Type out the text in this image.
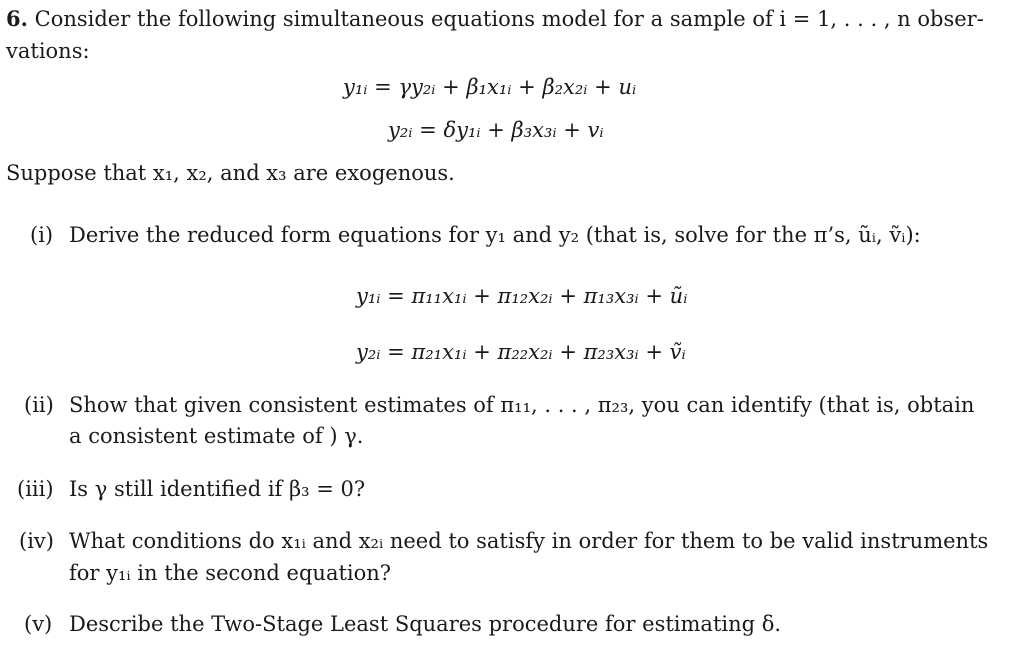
6. Consider the following simultaneous equations model for a sample of i = 1, . . . , n obser-
vations:
y₁ᵢ = γy₂ᵢ + β₁x₁ᵢ + β₂x₂ᵢ + uᵢ
y₂ᵢ = δy₁ᵢ + β₃x₃ᵢ + vᵢ
Suppose that x₁, x₂, and x₃ are exogenous.
(i) Derive the reduced form equations for y₁ and y₂ (that is, solve for the π’s, ũᵢ, ṽᵢ):
y₁ᵢ = π₁₁x₁ᵢ + π₁₂x₂ᵢ + π₁₃x₃ᵢ + ũᵢ
y₂ᵢ = π₂₁x₁ᵢ + π₂₂x₂ᵢ + π₂₃x₃ᵢ + ṽᵢ
(ii) Show that given consistent estimates of π₁₁, . . . , π₂₃, you can identify (that is, obtain
a consistent estimate of ) γ.
(iii) Is γ still identified if β₃ = 0?
(iv) What conditions do x₁ᵢ and x₂ᵢ need to satisfy in order for them to be valid instruments
for y₁ᵢ in the second equation?
(v) Describe the Two-Stage Least Squares procedure for estimating δ.
